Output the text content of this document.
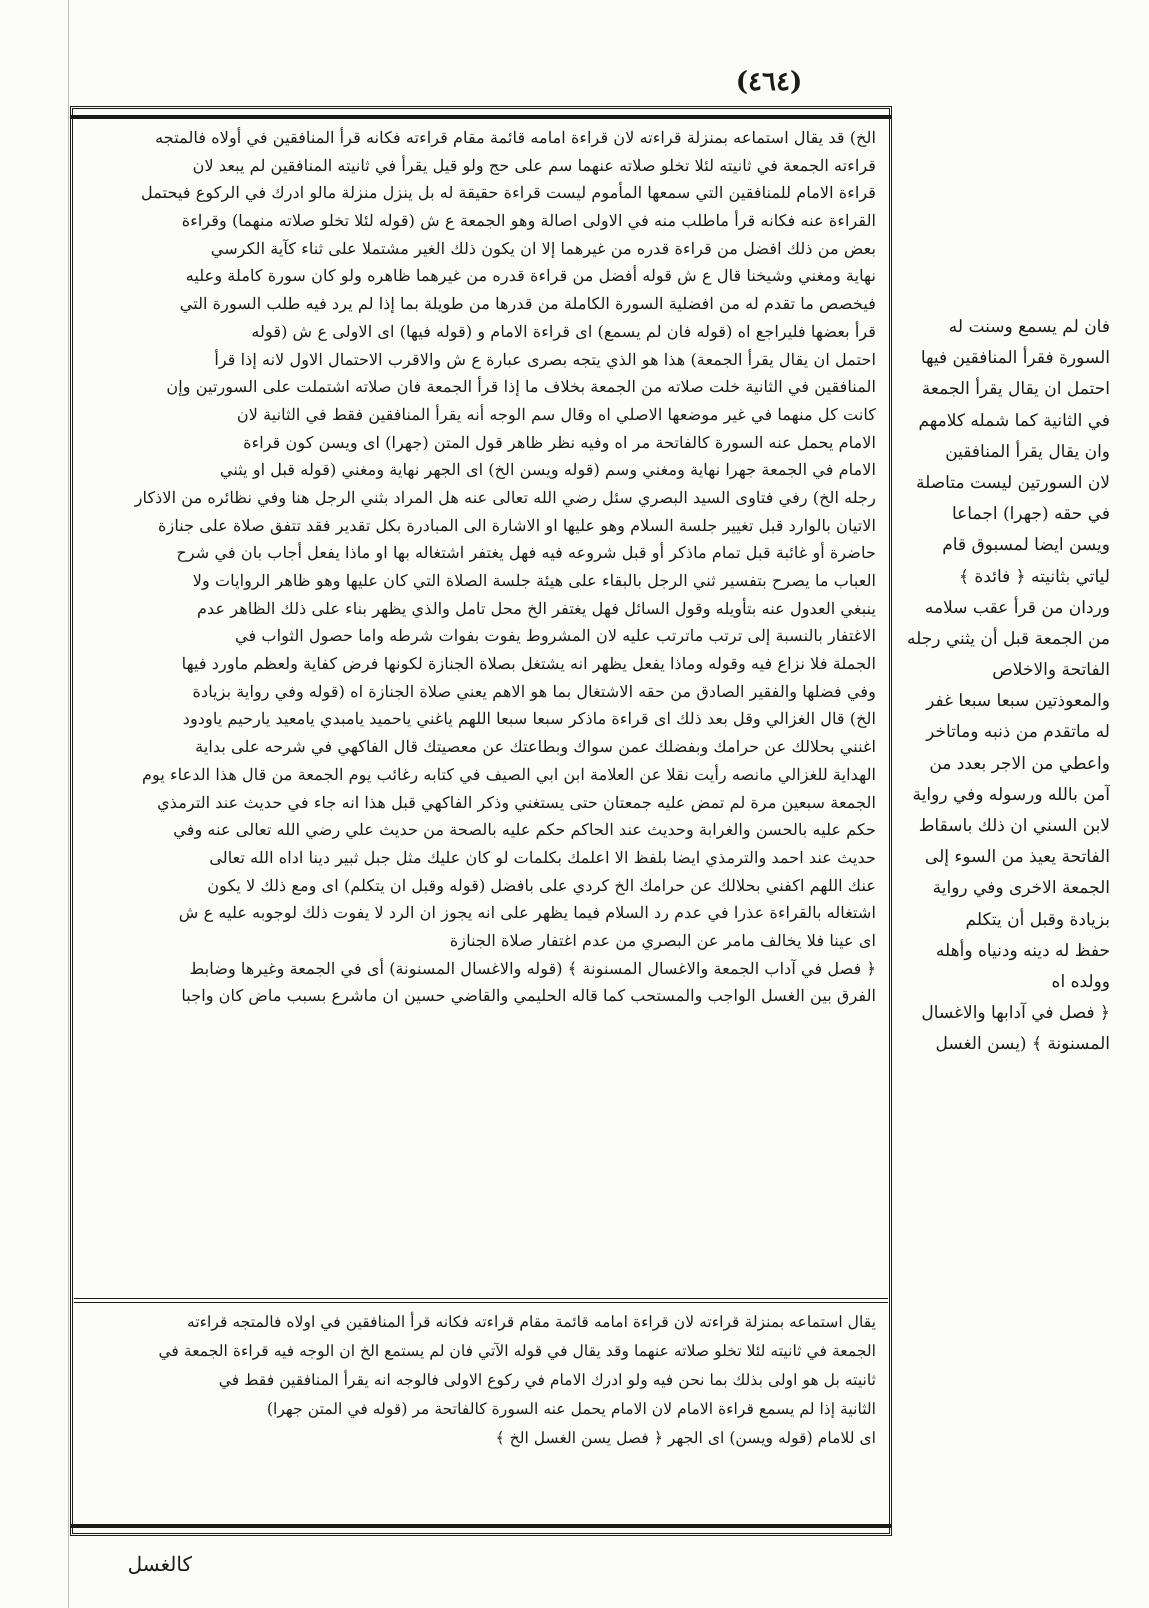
(٤٦٤)
الخ) قد يقال استماعه بمنزلة قراءته لان قراءة امامه قائمة مقام قراءته فكانه قرأ المنافقين في أولاه فالمتجه
قراءته الجمعة في ثانيته لئلا تخلو صلاته عنهما سم على حج ولو قيل يقرأ في ثانيته المنافقين لم يبعد لان
قراءة الامام للمنافقين التي سمعها المأموم ليست قراءة حقيقة له بل ينزل منزلة مالو ادرك في الركوع فيحتمل
القراءة عنه فكانه قرأ ماطلب منه في الاولى اصالة وهو الجمعة ع ش (قوله لئلا تخلو صلاته منهما) وقراءة
بعض من ذلك افضل من قراءة قدره من غيرهما إلا ان يكون ذلك الغير مشتملا على ثناء كآية الكرسي
نهاية ومغني وشيخنا قال ع ش قوله أفضل من قراءة قدره من غيرهما ظاهره ولو كان سورة كاملة وعليه
فيخصص ما تقدم له من افضلية السورة الكاملة من قدرها من طويلة بما إذا لم يرد فيه طلب السورة التي
قرأ بعضها فليراجع اه (قوله فان لم يسمع) اى قراءة الامام و (قوله فيها) اى الاولى ع ش (قوله
احتمل ان يقال يقرأ الجمعة) هذا هو الذي يتجه بصرى عبارة ع ش والاقرب الاحتمال الاول لانه إذا قرأ
المنافقين في الثانية خلت صلاته من الجمعة بخلاف ما إذا قرأ الجمعة فان صلاته اشتملت على السورتين وإن
كانت كل منهما في غير موضعها الاصلي اه وقال سم الوجه أنه يقرأ المنافقين فقط في الثانية لان
الامام يحمل عنه السورة كالفاتحة مر اه وفيه نظر ظاهر قول المتن (جهرا) اى ويسن كون قراءة
الامام في الجمعة جهرا نهاية ومغني وسم (قوله ويسن الخ) اى الجهر نهاية ومغني (قوله قبل او يثني
رجله الخ) رفي فتاوى السيد البصري سئل رضي الله تعالى عنه هل المراد بثني الرجل هنا وفي نظائره من الاذكار
الاتيان بالوارد قبل تغيير جلسة السلام وهو عليها او الاشارة الى المبادرة بكل تقدير فقد تتفق صلاة على جنازة
حاضرة أو غائبة قبل تمام ماذكر أو قبل شروعه فيه فهل يغتفر اشتغاله بها او ماذا يفعل أجاب بان في شرح
العباب ما يصرح بتفسير ثني الرجل بالبقاء على هيئة جلسة الصلاة التي كان عليها وهو ظاهر الروايات ولا
ينبغي العدول عنه بتأويله وقول السائل فهل يغتفر الخ محل تامل والذي يظهر بناء على ذلك الظاهر عدم
الاغتفار بالنسبة إلى ترتب ماترتب عليه لان المشروط يفوت بفوات شرطه واما حصول الثواب في
الجملة فلا نزاع فيه وقوله وماذا يفعل يظهر انه يشتغل بصلاة الجنازة لكونها فرض كفاية ولعظم ماورد فيها
وفي فضلها والفقير الصادق من حقه الاشتغال بما هو الاهم يعني صلاة الجنازة اه (قوله وفي رواية بزيادة
الخ) قال الغزالي وقل بعد ذلك اى قراءة ماذكر سبعا سبعا اللهم ياغني ياحميد يامبدي يامعيد يارحيم ياودود
اغنني بحلالك عن حرامك وبفضلك عمن سواك وبطاعتك عن معصيتك قال الفاكهي في شرحه على بداية
الهداية للغزالي مانصه رأيت نقلا عن العلامة ابن ابي الصيف في كتابه رغائب يوم الجمعة من قال هذا الدعاء يوم
الجمعة سبعين مرة لم تمض عليه جمعتان حتى يستغني وذكر الفاكهي قبل هذا انه جاء في حديث عند الترمذي
حكم عليه بالحسن والغرابة وحديث عند الحاكم حكم عليه بالصحة من حديث علي رضي الله تعالى عنه وفي
حديث عند احمد والترمذي ايضا بلفظ الا اعلمك بكلمات لو كان عليك مثل جبل ثبير دينا اداه الله تعالى
عنك اللهم اكفني بحلالك عن حرامك الخ كردي على بافضل (قوله وقبل ان يتكلم) اى ومع ذلك لا يكون
اشتغاله بالقراءة عذرا في عدم رد السلام فيما يظهر على انه يجوز ان الرد لا يفوت ذلك لوجوبه عليه ع ش
اى عينا فلا يخالف مامر عن البصري من عدم اغتفار صلاة الجنازة
﴿ فصل في آداب الجمعة والاغسال المسنونة ﴾ (قوله والاغسال المسنونة) أى في الجمعة وغيرها وضابط
الفرق بين الغسل الواجب والمستحب كما قاله الحليمي والقاضي حسين ان ماشرع بسبب ماض كان واجبا
يقال استماعه بمنزلة قراءته لان قراءة امامه قائمة مقام قراءته فكانه قرأ المنافقين في اولاه فالمتجه قراءته
الجمعة في ثانيته لئلا تخلو صلاته عنهما وقد يقال في قوله الآتي فان لم يستمع الخ ان الوجه فيه قراءة الجمعة في
ثانيته بل هو اولى بذلك بما نحن فيه ولو ادرك الامام في ركوع الاولى فالوجه انه يقرأ المنافقين فقط في
الثانية إذا لم يسمع قراءة الامام لان الامام يحمل عنه السورة كالفاتحة مر (قوله في المتن جهرا)
اى للامام (قوله ويسن) اى الجهر ﴿ فصل يسن الغسل الخ ﴾
فان لم يسمع وسنت له
السورة فقرأ المنافقين فيها
احتمل ان يقال يقرأ الجمعة
في الثانية كما شمله كلامهم
وان يقال يقرأ المنافقين
لان السورتين ليست متاصلة
في حقه (جهرا) اجماعا
ويسن ايضا لمسبوق قام
لياتي بثانيته ﴿ فائدة ﴾
وردان من قرأ عقب سلامه
من الجمعة قبل أن يثني رجله
الفاتحة والاخلاص
والمعوذتين سبعا سبعا غفر
له ماتقدم من ذنبه وماتاخر
واعطي من الاجر بعدد من
آمن بالله ورسوله وفي رواية
لابن السني ان ذلك باسقاط
الفاتحة يعيذ من السوء إلى
الجمعة الاخرى وفي رواية
بزيادة وقبل أن يتكلم
حفظ له دينه ودنياه وأهله
وولده اه
﴿ فصل في آدابها والاغسال
المسنونة ﴾ (يسن الغسل
كالغسل
